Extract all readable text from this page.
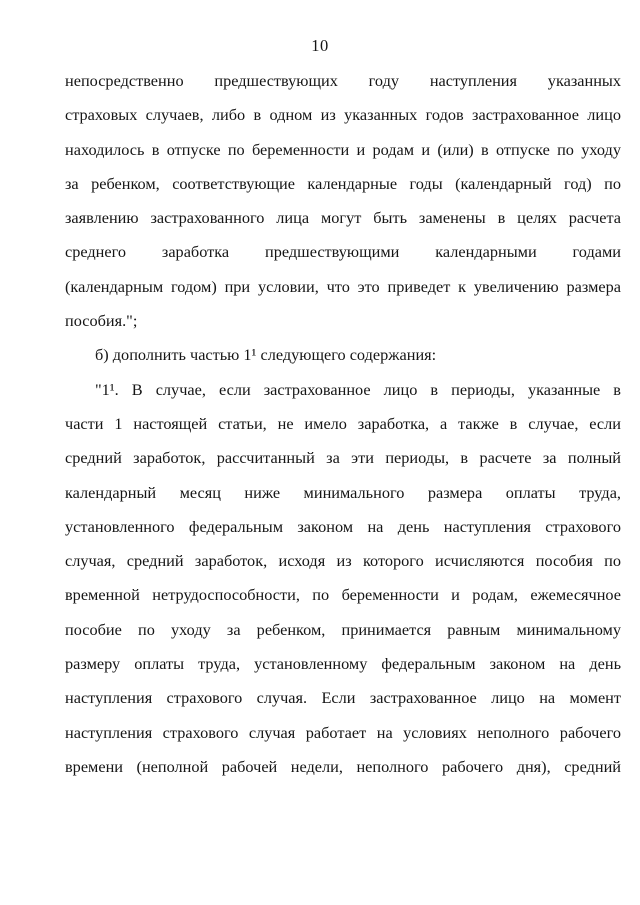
10
непосредственно предшествующих году наступления указанных
страховых случаев, либо в одном из указанных годов застрахованное лицо
находилось в отпуске по беременности и родам и (или) в отпуске по уходу
за ребенком, соответствующие календарные годы (календарный год) по
заявлению застрахованного лица могут быть заменены в целях расчета
среднего заработка предшествующими календарными годами
(календарным годом) при условии, что это приведет к увеличению размера
пособия.";
б) дополнить частью 1¹ следующего содержания:
"1¹. В случае, если застрахованное лицо в периоды, указанные в
части 1 настоящей статьи, не имело заработка, а также в случае, если
средний заработок, рассчитанный за эти периоды, в расчете за полный
календарный месяц ниже минимального размера оплаты труда,
установленного федеральным законом на день наступления страхового
случая, средний заработок, исходя из которого исчисляются пособия по
временной нетрудоспособности, по беременности и родам, ежемесячное
пособие по уходу за ребенком, принимается равным минимальному
размеру оплаты труда, установленному федеральным законом на день
наступления страхового случая. Если застрахованное лицо на момент
наступления страхового случая работает на условиях неполного рабочего
времени (неполной рабочей недели, неполного рабочего дня), средний
